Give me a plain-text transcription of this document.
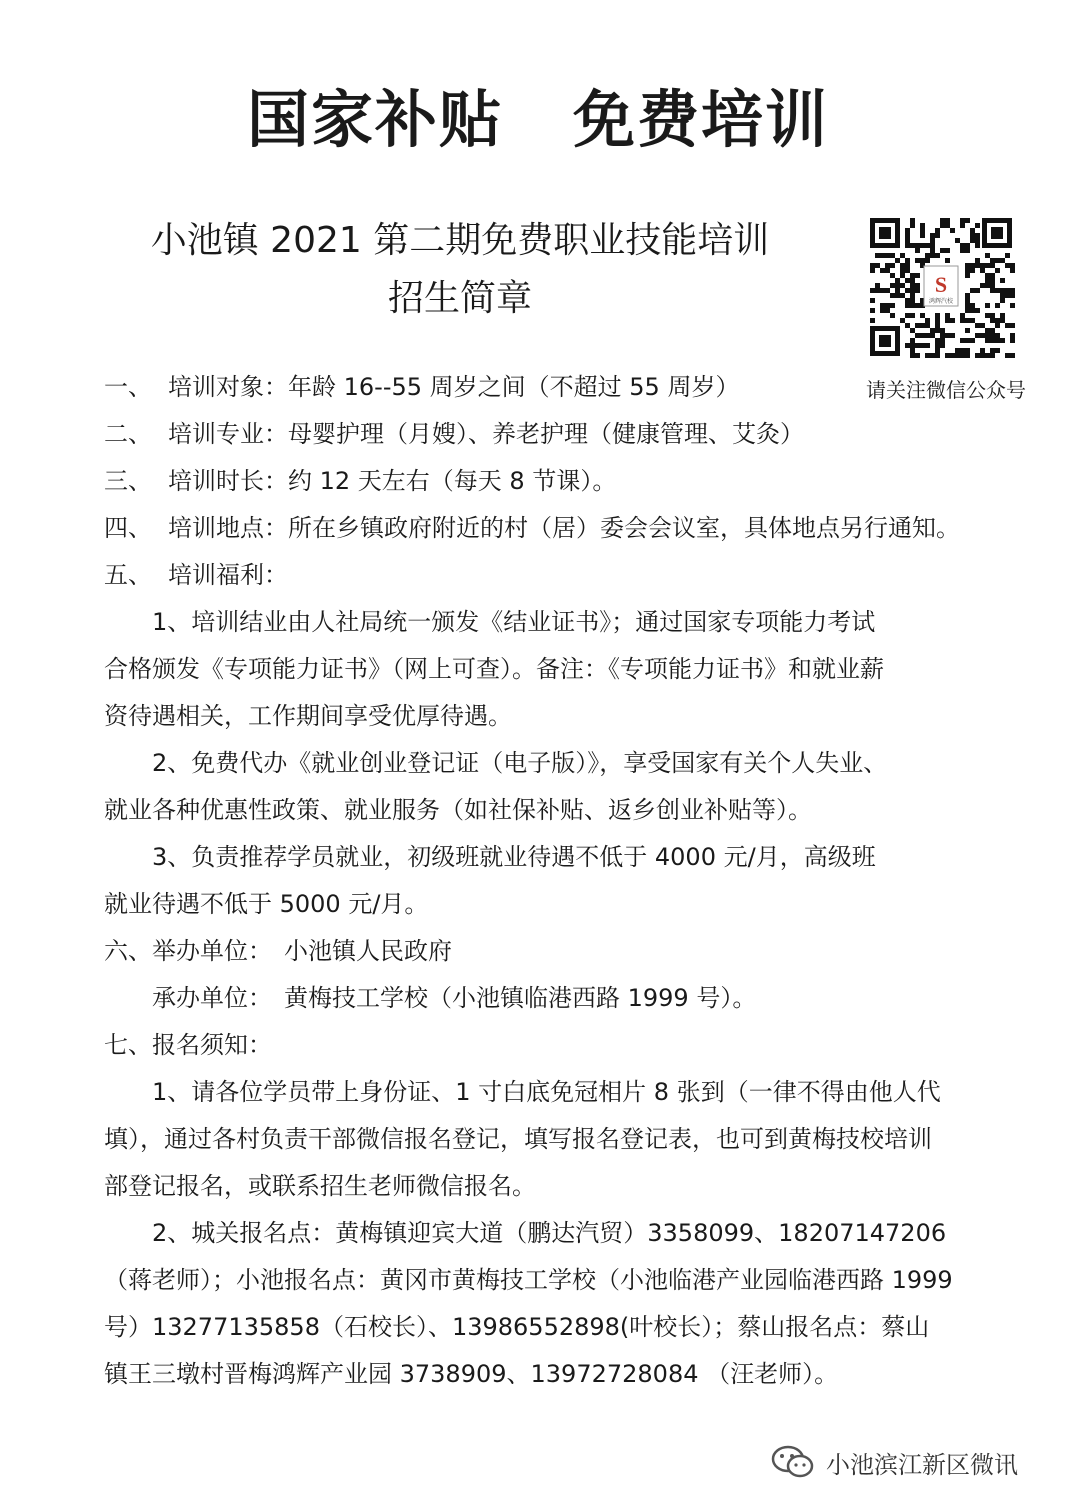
国家补贴 免费培训
小池镇 2021 第二期免费职业技能培训
招生简章	S
鸿辉汽校
请关注微信公众号
一、 培训对象：年龄 16--55 周岁之间（不超过 55 周岁）
二、 培训专业：母婴护理（月嫂）、养老护理（健康管理、艾灸）
三、 培训时长：约 12 天左右（每天 8 节课）。
四、 培训地点：所在乡镇政府附近的村（居）委会会议室，具体地点另行通知。
五、 培训福利：
　　1、培训结业由人社局统一颁发《结业证书》；通过国家专项能力考试
合格颁发《专项能力证书》（网上可查）。备注：《专项能力证书》和就业薪
资待遇相关，工作期间享受优厚待遇。
　　2、免费代办《就业创业登记证（电子版）》，享受国家有关个人失业、
就业各种优惠性政策、就业服务（如社保补贴、返乡创业补贴等）。
　　3、负责推荐学员就业，初级班就业待遇不低于 4000 元/月，高级班
就业待遇不低于 5000 元/月。
六、举办单位：　小池镇人民政府
　　承办单位：　黄梅技工学校（小池镇临港西路 1999 号）。
七、报名须知：
　　1、请各位学员带上身份证、1 寸白底免冠相片 8 张到（一律不得由他人代
填），通过各村负责干部微信报名登记，填写报名登记表，也可到黄梅技校培训
部登记报名，或联系招生老师微信报名。
　　2、城关报名点：黄梅镇迎宾大道（鹏达汽贸）3358099、18207147206
（蒋老师）；小池报名点：黄冈市黄梅技工学校（小池临港产业园临港西路 1999
号）13277135858（石校长）、13986552898(叶校长）；蔡山报名点：蔡山
镇王三墩村晋梅鸿辉产业园 3738909、13972728084 （汪老师）。
小池滨江新区微讯
